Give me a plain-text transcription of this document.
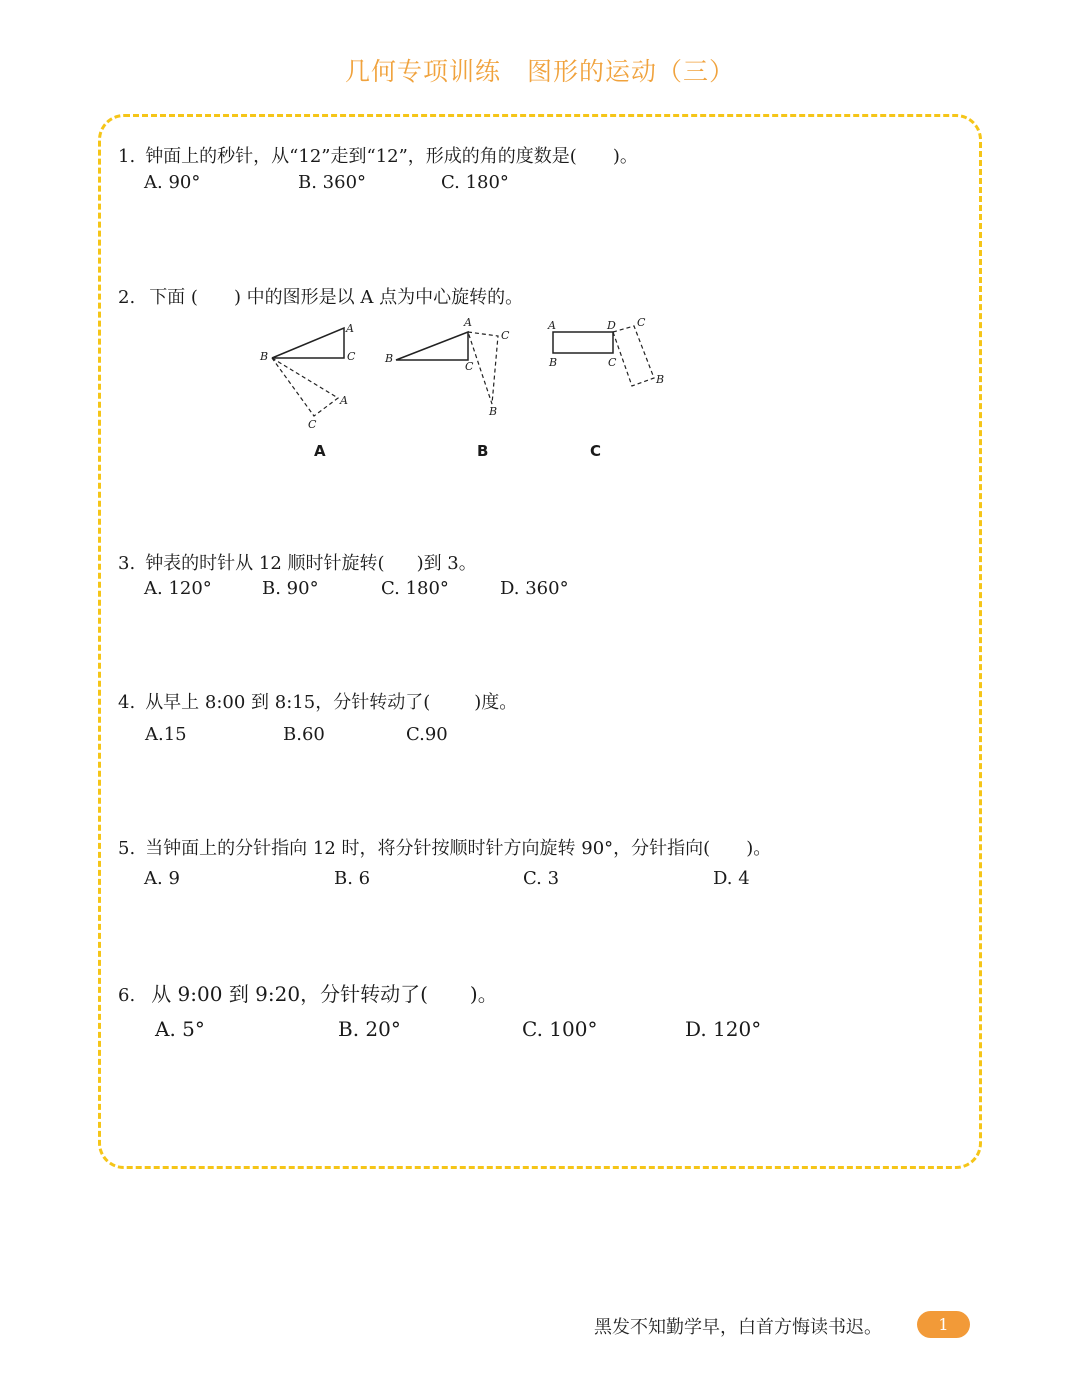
几何专项训练 图形的运动（三）
1. 钟面上的秒针，从“12”走到“12”，形成的角的度数是( )。
A. 90°	B. 360°	C. 180°
2. 下面 ( ) 中的图形是以 A 点为中心旋转的。
A
B	C
A
C
A
B
C
C
B
A	D C
B	C
B
A	B	C
3. 钟表的时针从 12 顺时针旋转( )到 3。
A. 120°	B. 90°	C. 180°	D. 360°
4. 从早上 8:00 到 8:15，分针转动了( )度。
A.15	B.60	C.90
5. 当钟面上的分针指向 12 时，将分针按顺时针方向旋转 90°，分针指向( )。
A. 9	B. 6	C. 3	D. 4
6. 从 9:00 到 9:20，分针转动了( )。
A. 5°	B. 20°	C. 100°	D. 120°
黑发不知勤学早，白首方悔读书迟。	1
